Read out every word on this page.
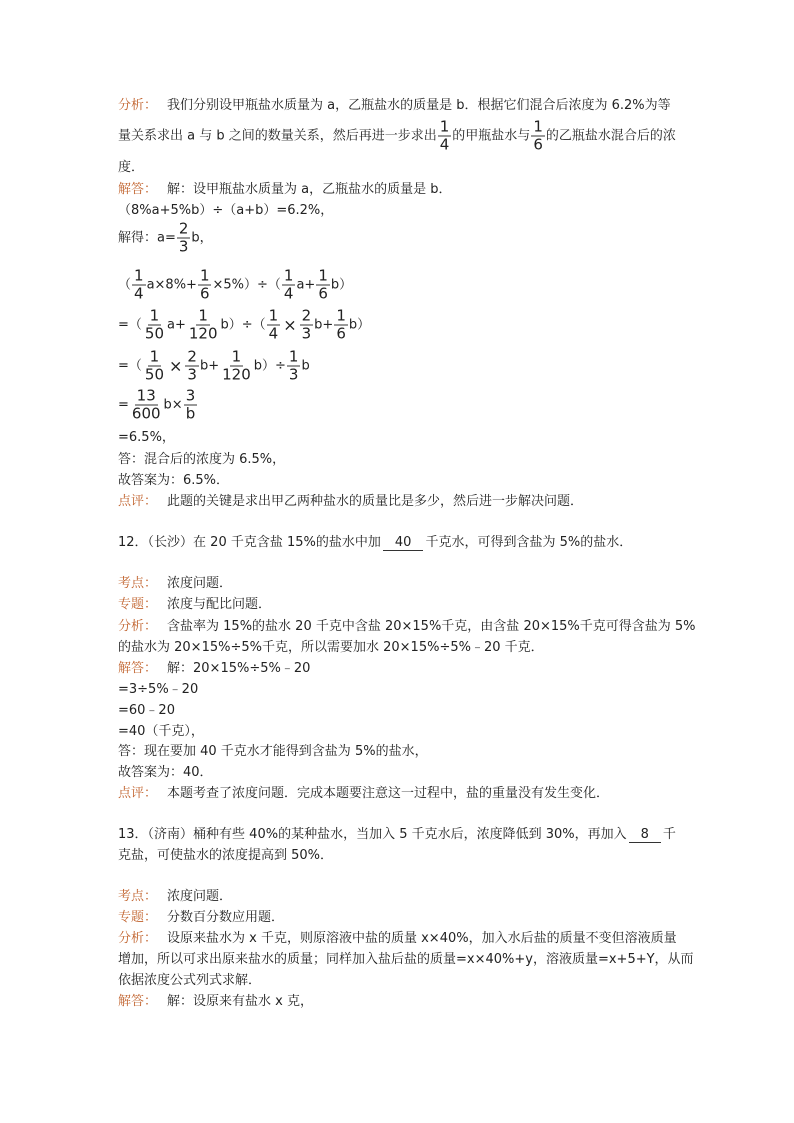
分析： 我们分别设甲瓶盐水质量为 a，乙瓶盐水的质量是 b．根据它们混合后浓度为 6.2%为等
量关系求出 a 与 b 之间的数量关系，然后再进一步求出 $\frac{1}{4}$ 的甲瓶盐水与 $\frac{1}{6}$ 的乙瓶盐水混合后的浓
度．
解答： 解：设甲瓶盐水质量为 a，乙瓶盐水的质量是 b．
（8%a+5%b）÷（a+b）=6.2%，
解得：$a= \frac{2}{3}$ b，
（ $\frac{1}{4} a\times 8\%+ \frac{1}{6} \times 5\%)\div( \frac{1}{4} a+ \frac{1}{6} b)$
=（ $\frac{1}{50} a+ \frac{1}{120} b)\div( \frac{1}{4} \times \frac{2}{3} b+ \frac{1}{6} b)$
=（ $\frac{1}{50} \times \frac{2}{3} b+ \frac{1}{120} b)\div \frac{1}{3}$ b
= $\frac{13}{600} b\times \frac{3}{b}$
=6.5%，
答：混合后的浓度为 6.5%，
故答案为：6.5%．
点评： 此题的关键是求出甲乙两种盐水的质量比是多少，然后进一步解决问题．
12．（长沙）在 20 千克含盐 15%的盐水中加	40	千克水，可得到含盐为 5%的盐水．
考点： 浓度问题．
专题： 浓度与配比问题．
分析： 含盐率为 15%的盐水 20 千克中含盐 20×15%千克，由含盐 20×15%千克可得含盐为 5%
的盐水为 20×15%÷5%千克，所以需要加水 20×15%÷5%﹣20 千克．
解答： 解：20×15%÷5%﹣20
=3÷5%﹣20
=60﹣20
=40（千克），
答：现在要加 40 千克水才能得到含盐为 5%的盐水，
故答案为：40．
点评： 本题考查了浓度问题．完成本题要注意这一过程中，盐的重量没有发生变化．
13．（济南）桶种有些 40%的某种盐水，当加入 5 千克水后，浓度降低到 30%，再加入	8	千
克盐，可使盐水的浓度提高到 50%．
考点： 浓度问题．
专题： 分数百分数应用题．
分析： 设原来盐水为 x 千克，则原溶液中盐的质量 x×40%，加入水后盐的质量不变但溶液质量
增加，所以可求出原来盐水的质量；同样加入盐后盐的质量=x×40%+y，溶液质量=x+5+Y，从而
依据浓度公式列式求解．
解答： 解：设原来有盐水 x 克，
